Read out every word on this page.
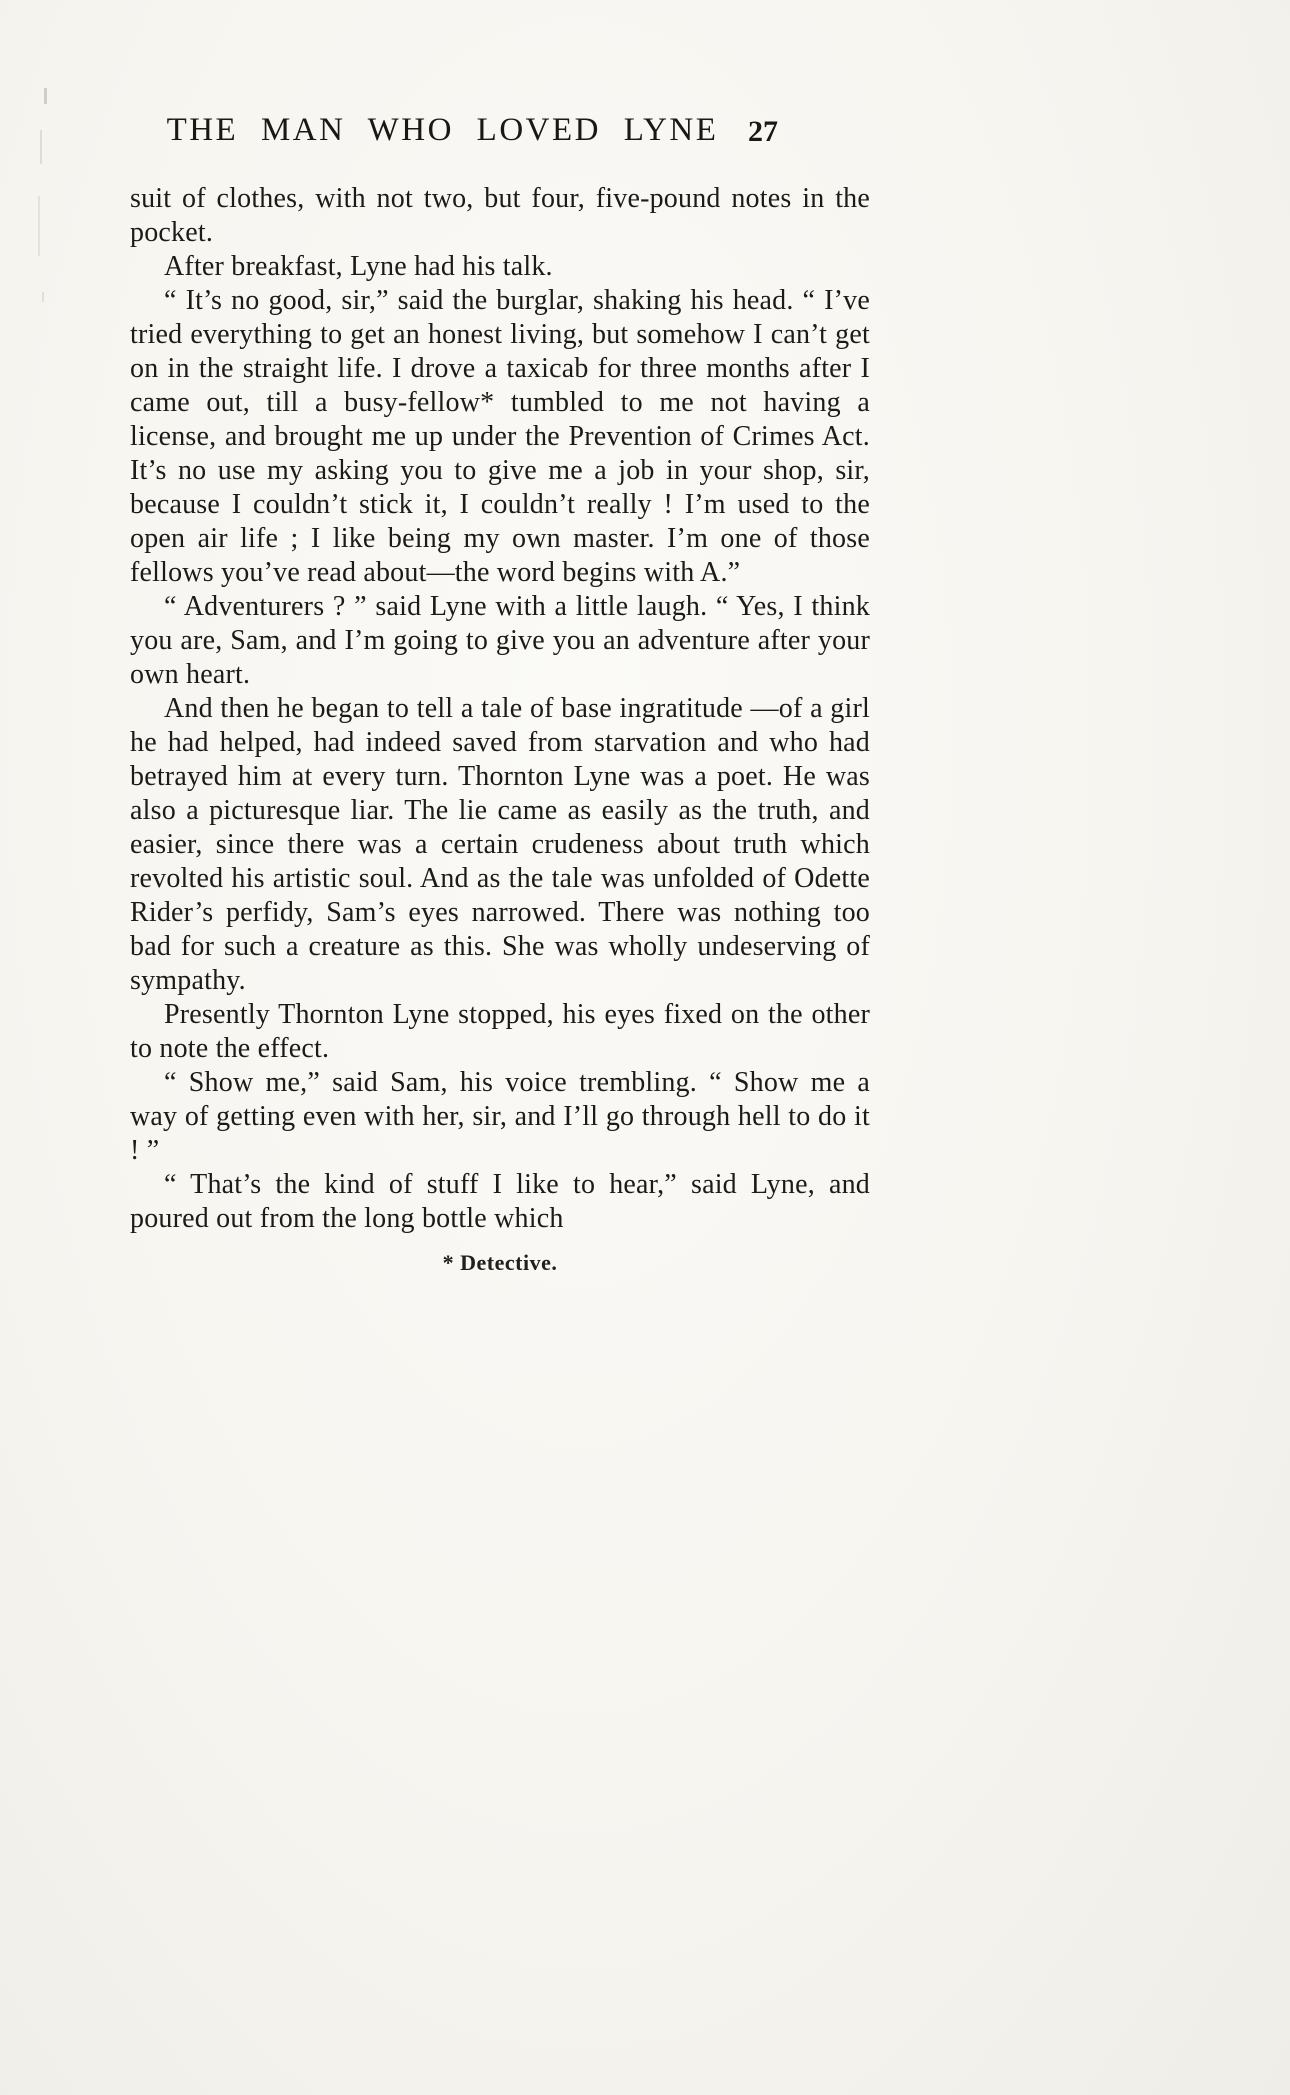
THE MAN WHO LOVED LYNE 27

suit of clothes, with not two, but four, five-pound notes in the pocket.

After breakfast, Lyne had his talk.

“ It’s no good, sir,” said the burglar, shaking his head. “ I’ve tried everything to get an honest living, but somehow I can’t get on in the straight life. I drove a taxicab for three months after I came out, till a busy-fellow* tumbled to me not having a license, and brought me up under the Prevention of Crimes Act. It’s no use my asking you to give me a job in your shop, sir, because I couldn’t stick it, I couldn’t really ! I’m used to the open air life ; I like being my own master. I’m one of those fellows you’ve read about—the word begins with A.”

“ Adventurers ? ” said Lyne with a little laugh. “ Yes, I think you are, Sam, and I’m going to give you an adventure after your own heart.

And then he began to tell a tale of base ingratitude —of a girl he had helped, had indeed saved from starvation and who had betrayed him at every turn. Thornton Lyne was a poet. He was also a picturesque liar. The lie came as easily as the truth, and easier, since there was a certain crudeness about truth which revolted his artistic soul. And as the tale was unfolded of Odette Rider’s perfidy, Sam’s eyes narrowed. There was nothing too bad for such a creature as this. She was wholly undeserving of sympathy.

Presently Thornton Lyne stopped, his eyes fixed on the other to note the effect.

“ Show me,” said Sam, his voice trembling. “ Show me a way of getting even with her, sir, and I’ll go through hell to do it ! ”

“ That’s the kind of stuff I like to hear,” said Lyne, and poured out from the long bottle which

* Detective.
